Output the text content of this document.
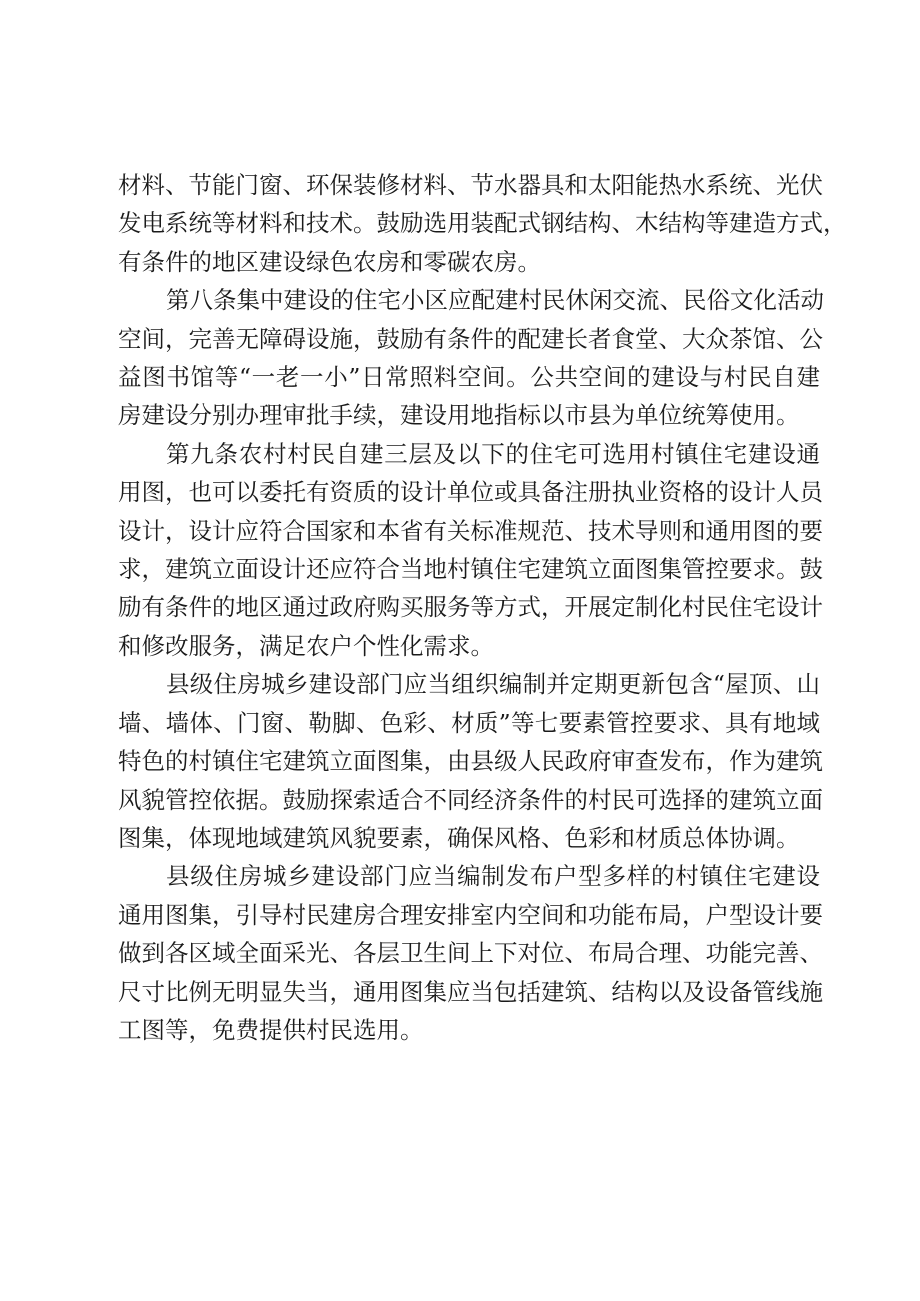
材料、节能门窗、环保装修材料、节水器具和太阳能热水系统、光伏
发电系统等材料和技术。鼓励选用装配式钢结构、木结构等建造方式，
有条件的地区建设绿色农房和零碳农房。

第八条集中建设的住宅小区应配建村民休闲交流、民俗文化活动
空间，完善无障碍设施，鼓励有条件的配建长者食堂、大众茶馆、公
益图书馆等“一老一小”日常照料空间。公共空间的建设与村民自建
房建设分别办理审批手续，建设用地指标以市县为单位统筹使用。

第九条农村村民自建三层及以下的住宅可选用村镇住宅建设通
用图，也可以委托有资质的设计单位或具备注册执业资格的设计人员
设计，设计应符合国家和本省有关标准规范、技术导则和通用图的要
求，建筑立面设计还应符合当地村镇住宅建筑立面图集管控要求。鼓
励有条件的地区通过政府购买服务等方式，开展定制化村民住宅设计
和修改服务，满足农户个性化需求。

县级住房城乡建设部门应当组织编制并定期更新包含“屋顶、山
墙、墙体、门窗、勒脚、色彩、材质”等七要素管控要求、具有地域
特色的村镇住宅建筑立面图集，由县级人民政府审查发布，作为建筑
风貌管控依据。鼓励探索适合不同经济条件的村民可选择的建筑立面
图集，体现地域建筑风貌要素，确保风格、色彩和材质总体协调。

县级住房城乡建设部门应当编制发布户型多样的村镇住宅建设
通用图集，引导村民建房合理安排室内空间和功能布局，户型设计要
做到各区域全面采光、各层卫生间上下对位、布局合理、功能完善、
尺寸比例无明显失当，通用图集应当包括建筑、结构以及设备管线施
工图等，免费提供村民选用。
